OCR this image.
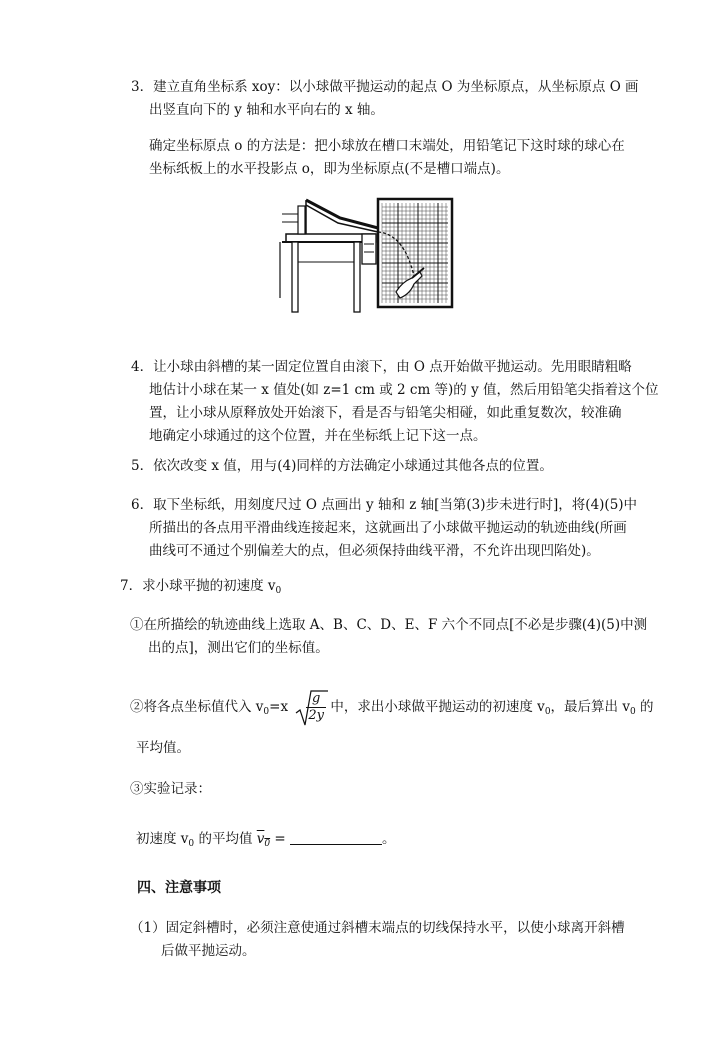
3．建立直角坐标系 xoy：以小球做平抛运动的起点 O 为坐标原点，从坐标原点 O 画
出竖直向下的 y 轴和水平向右的 x 轴。
确定坐标原点 o 的方法是：把小球放在槽口末端处，用铅笔记下这时球的球心在
坐标纸板上的水平投影点 o，即为坐标原点(不是槽口端点)。
4．让小球由斜槽的某一固定位置自由滚下，由 O 点开始做平抛运动。先用眼睛粗略
地估计小球在某一 x 值处(如 z=1 cm 或 2 cm 等)的 y 值，然后用铅笔尖指着这个位
置，让小球从原释放处开始滚下，看是否与铅笔尖相碰，如此重复数次，较准确
地确定小球通过的这个位置，并在坐标纸上记下这一点。
5．依次改变 x 值，用与(4)同样的方法确定小球通过其他各点的位置。
6．取下坐标纸，用刻度尺过 O 点画出 y 轴和 z 轴[当第(3)步未进行时]，将(4)(5)中
所描出的各点用平滑曲线连接起来，这就画出了小球做平抛运动的轨迹曲线(所画
曲线可不通过个别偏差大的点，但必须保持曲线平滑，不允许出现凹陷处)。
7．求小球平抛的初速度 $v_0$
①在所描绘的轨迹曲线上选取 A、B、C、D、E、F 六个不同点[不必是步骤(4)(5)中测
出的点]，测出它们的坐标值。
②将各点坐标值代入 $v_0=x \frac{g}{2y}$ 中，求出小球做平抛运动的初速度 $v_0$，最后算出 $v_0$ 的
平均值。
③实验记录：
初速度 $v_0$ 的平均值 $v_0$ =	。
四、注意事项
（1）固定斜槽时，必须注意使通过斜槽末端点的切线保持水平，以使小球离开斜槽
后做平抛运动。
